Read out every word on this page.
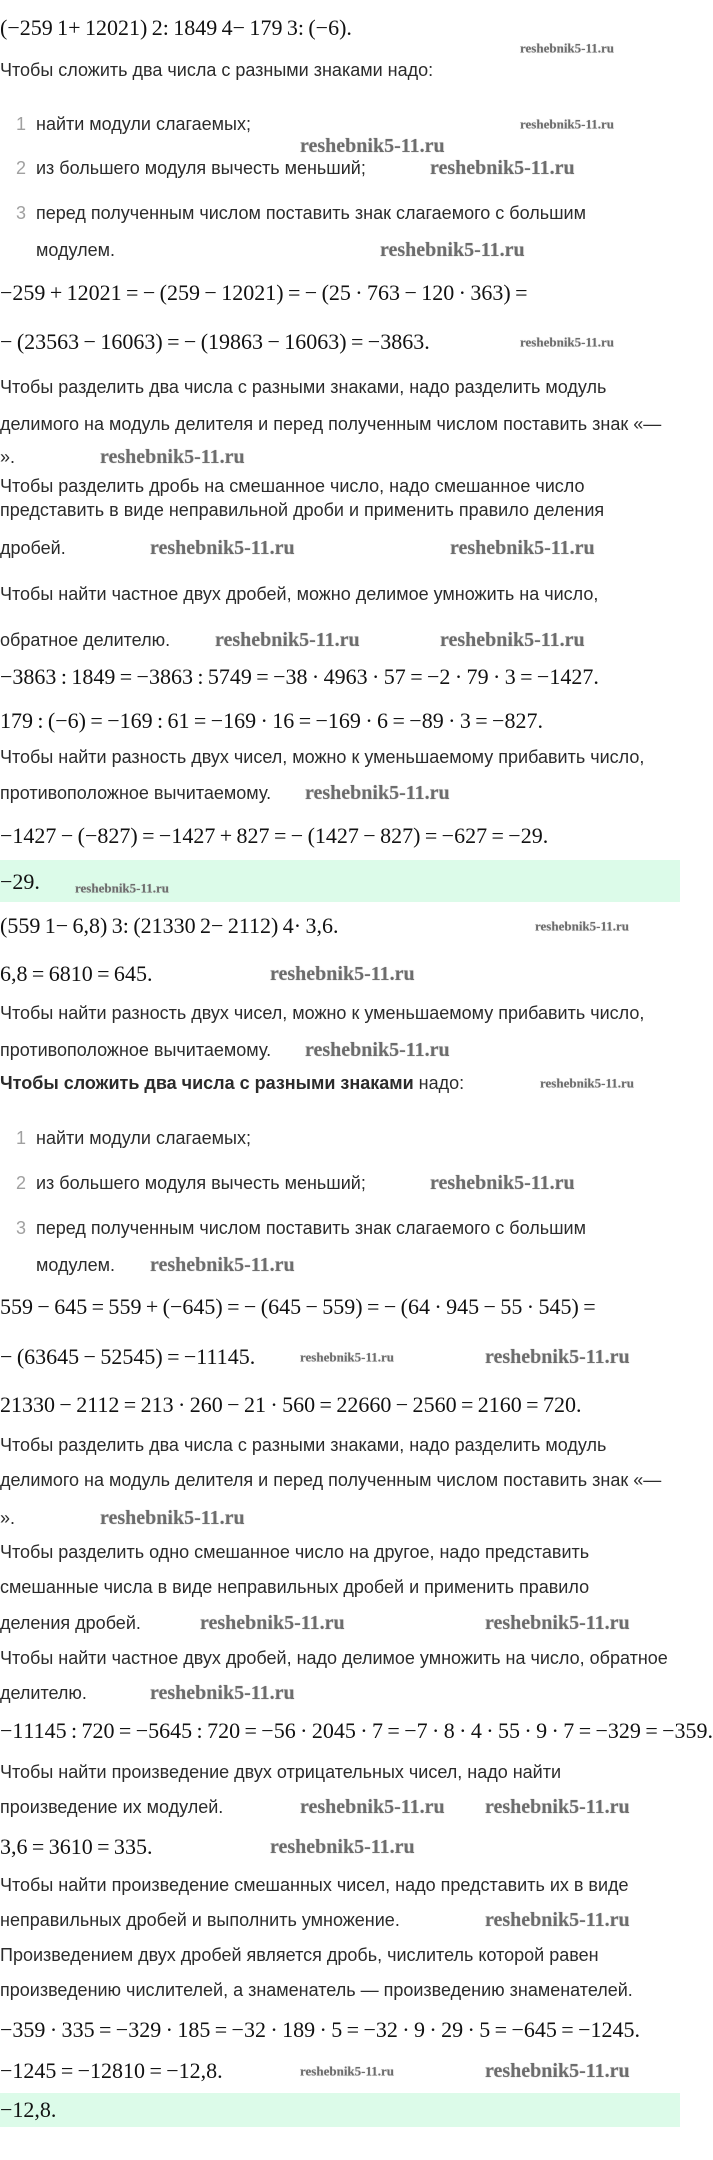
(−259 1+ 12021) 2: 1849 4− 179 3: (−6).
Чтобы сложить два числа с разными знаками надо:
1 найти модули слагаемых;
2 из большего модуля вычесть меньший;
3 перед полученным числом поставить знак слагаемого с большим
модулем.
−2 59 + 12021 = − (259 − 12021) = − (25 · 763 − 120 · 363) =
−  (23563 − 16063) = − (19863 − 16063) = −3863.
Чтобы разделить два числа с разными знаками, надо разделить модуль
делимого на модуль делителя и перед полученным числом поставить знак «—
».
Чтобы разделить дробь на смешанное число, надо смешанное число
представить в виде неправильной дроби и применить правило деления
дробей.
Чтобы найти частное двух дробей, можно делимое умножить на число,
обратное делителю.
− 3863 : 1849 = −3863 : 5749 = −38 · 4963 · 57 = −2 · 79 · 3 = −1427.
1 79 : (−6) = −169 : 61 = −169 · 16 = −169 · 6 = −89 · 3 = −827.
Чтобы найти разность двух чисел, можно к уменьшаемому прибавить число,
противоположное вычитаемому.
− 1427 − (−827) = −1427 + 827 = − (1427 − 827) = −627 = −29.
− 29.
(559 1− 6,8) 3: (21330 2− 2112) 4· 3,6.
6,8 = 6 810 = 645.
Чтобы найти разность двух чисел, можно к уменьшаемому прибавить число,
противоположное вычитаемому.
Чтобы сложить два числа с разными знаками надо:
1 найти модули слагаемых;
2 из большего модуля вычесть меньший;
3 перед полученным числом поставить знак слагаемого с большим
модулем.
5 59 − 645 = 559 + (−645) = − (645 − 559) = − (64 · 945 − 55 · 545) =
−  (63645 − 52545) = −11145.
2 1330 − 2112 = 213 · 260 − 21 · 560 = 22660 − 2560 = 2160 = 720.
Чтобы разделить два числа с разными знаками, надо разделить модуль
делимого на модуль делителя и перед полученным числом поставить знак «—
».
Чтобы разделить одно смешанное число на другое, надо представить
смешанные числа в виде неправильных дробей и применить правило
деления дробей.
Чтобы найти частное двух дробей, надо делимое умножить на число, обратное
делителю.
−1 1145 : 720 = −5645 : 720 = −56 · 2045 · 7 = −7 · 8 · 4 · 55 · 9 · 7 = −329 = −359.
Чтобы найти произведение двух отрицательных чисел, надо найти
произведение их модулей.
3,6 = 3 610 = 335.
Чтобы найти произведение смешанных чисел, надо представить их в виде
неправильных дробей и выполнить умножение.
Произведением двух дробей является дробь, числитель которой равен
произведению числителей, а знаменатель — произведению знаменателей.
−3 59 · 335 = −329 · 185 = −32 · 189 · 5 = −32 · 9 · 29 · 5 = −645 = −1245.
−12 45 = −12810 = −12,8.
−12,8.
reshebnik5-11.ru
reshebnik5-11.ru
reshebnik5-11.ru
reshebnik5-11.ru
reshebnik5-11.ru
reshebnik5-11.ru
reshebnik5-11.ru
reshebnik5-11.ru	reshebnik5-11.ru
reshebnik5-11.ru	reshebnik5-11.ru
reshebnik5-11.ru
reshebnik5-11.ru
reshebnik5-11.ru
reshebnik5-11.ru
reshebnik5-11.ru
reshebnik5-11.ru
reshebnik5-11.ru
reshebnik5-11.ru
reshebnik5-11.ru	reshebnik5-11.ru
reshebnik5-11.ru
reshebnik5-11.ru	reshebnik5-11.ru
reshebnik5-11.ru
reshebnik5-11.ru reshebnik5-11.ru
reshebnik5-11.ru
reshebnik5-11.ru
reshebnik5-11.ru	reshebnik5-11.ru
